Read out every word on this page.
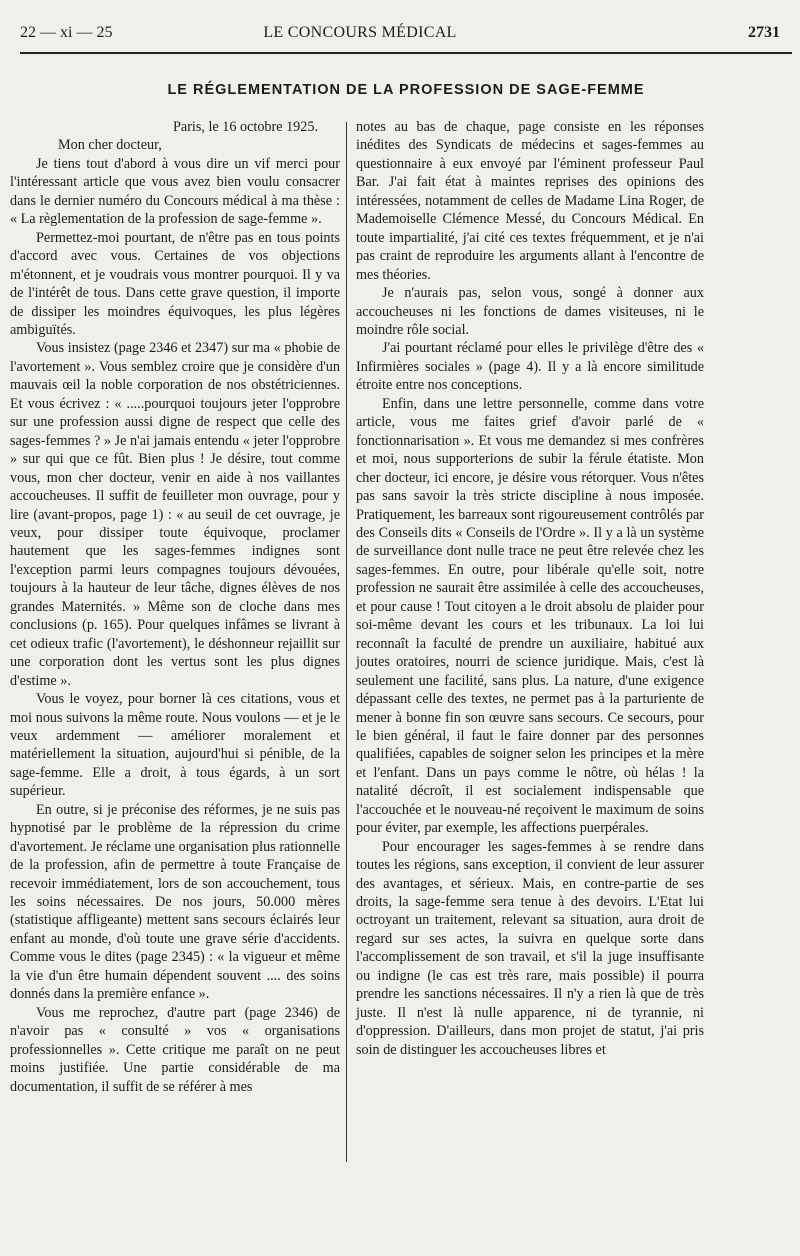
22 — xi — 25	LE CONCOURS MÉDICAL	2731
LE RÉGLEMENTATION DE LA PROFESSION DE SAGE-FEMME

Paris, le 16 octobre 1925.

Mon cher docteur,

Je tiens tout d'abord à vous dire un vif merci pour l'intéressant article que vous avez bien voulu consacrer dans le dernier numéro du Concours médical à ma thèse : « La règlementation de la profession de sage-femme ».

Permettez-moi pourtant, de n'être pas en tous points d'accord avec vous. Certaines de vos objections m'étonnent, et je voudrais vous montrer pourquoi. Il y va de l'intérêt de tous. Dans cette grave question, il importe de dissiper les moindres équivoques, les plus légères ambiguïtés.

Vous insistez (page 2346 et 2347) sur ma « phobie de l'avortement ». Vous semblez croire que je considère d'un mauvais œil la noble corporation de nos obstétriciennes. Et vous écrivez : « .....pourquoi toujours jeter l'opprobre sur une profession aussi digne de respect que celle des sages-femmes ? » Je n'ai jamais entendu « jeter l'opprobre » sur qui que ce fût. Bien plus ! Je désire, tout comme vous, mon cher docteur, venir en aide à nos vaillantes accoucheuses. Il suffit de feuilleter mon ouvrage, pour y lire (avant-propos, page 1) : « au seuil de cet ouvrage, je veux, pour dissiper toute équivoque, proclamer hautement que les sages-femmes indignes sont l'exception parmi leurs compagnes toujours dévouées, toujours à la hauteur de leur tâche, dignes élèves de nos grandes Maternités. » Même son de cloche dans mes conclusions (p. 165). Pour quelques infâmes se livrant à cet odieux trafic (l'avortement), le déshonneur rejaillit sur une corporation dont les vertus sont les plus dignes d'estime ».

Vous le voyez, pour borner là ces citations, vous et moi nous suivons la même route. Nous voulons — et je le veux ardemment — améliorer moralement et matériellement la situation, aujourd'hui si pénible, de la sage-femme. Elle a droit, à tous égards, à un sort supérieur.

En outre, si je préconise des réformes, je ne suis pas hypnotisé par le problème de la répression du crime d'avortement. Je réclame une organisation plus rationnelle de la profession, afin de permettre à toute Française de recevoir immédiatement, lors de son accouchement, tous les soins nécessaires. De nos jours, 50.000 mères (statistique affligeante) mettent sans secours éclairés leur enfant au monde, d'où toute une grave série d'accidents. Comme vous le dites (page 2345) : « la vigueur et même la vie d'un être humain dépendent souvent .... des soins donnés dans la première enfance ».

Vous me reprochez, d'autre part (page 2346) de n'avoir pas « consulté » vos « organisations professionnelles ». Cette critique me paraît on ne peut moins justifiée. Une partie considérable de ma documentation, il suffit de se référer à mes

notes au bas de chaque, page consiste en les réponses inédites des Syndicats de médecins et sages-femmes au questionnaire à eux envoyé par l'éminent professeur Paul Bar. J'ai fait état à maintes reprises des opinions des intéressées, notamment de celles de Madame Lina Roger, de Mademoiselle Clémence Messé, du Concours Médical. En toute impartialité, j'ai cité ces textes fréquemment, et je n'ai pas craint de reproduire les arguments allant à l'encontre de mes théories.

Je n'aurais pas, selon vous, songé à donner aux accoucheuses ni les fonctions de dames visiteuses, ni le moindre rôle social.

J'ai pourtant réclamé pour elles le privilège d'être des « Infirmières sociales » (page 4). Il y a là encore similitude étroite entre nos conceptions.

Enfin, dans une lettre personnelle, comme dans votre article, vous me faites grief d'avoir parlé de « fonctionnarisation ». Et vous me demandez si mes confrères et moi, nous supporterions de subir la férule étatiste. Mon cher docteur, ici encore, je désire vous rétorquer. Vous n'êtes pas sans savoir la très stricte discipline à nous imposée. Pratiquement, les barreaux sont rigoureusement contrôlés par des Conseils dits « Conseils de l'Ordre ». Il y a là un système de surveillance dont nulle trace ne peut être relevée chez les sages-femmes. En outre, pour libérale qu'elle soit, notre profession ne saurait être assimilée à celle des accoucheuses, et pour cause ! Tout citoyen a le droit absolu de plaider pour soi-même devant les cours et les tribunaux. La loi lui reconnaît la faculté de prendre un auxiliaire, habitué aux joutes oratoires, nourri de science juridique. Mais, c'est là seulement une facilité, sans plus. La nature, d'une exigence dépassant celle des textes, ne permet pas à la parturiente de mener à bonne fin son œuvre sans secours. Ce secours, pour le bien général, il faut le faire donner par des personnes qualifiées, capables de soigner selon les principes et la mère et l'enfant. Dans un pays comme le nôtre, où hélas ! la natalité décroît, il est socialement indispensable que l'accouchée et le nouveau-né reçoivent le maximum de soins pour éviter, par exemple, les affections puerpérales.

Pour encourager les sages-femmes à se rendre dans toutes les régions, sans exception, il convient de leur assurer des avantages, et sérieux. Mais, en contre-partie de ses droits, la sage-femme sera tenue à des devoirs. L'Etat lui octroyant un traitement, relevant sa situation, aura droit de regard sur ses actes, la suivra en quelque sorte dans l'accomplissement de son travail, et s'il la juge insuffisante ou indigne (le cas est très rare, mais possible) il pourra prendre les sanctions nécessaires. Il n'y a rien là que de très juste. Il n'est là nulle apparence, ni de tyrannie, ni d'oppression. D'ailleurs, dans mon projet de statut, j'ai pris soin de distinguer les accoucheuses libres et
